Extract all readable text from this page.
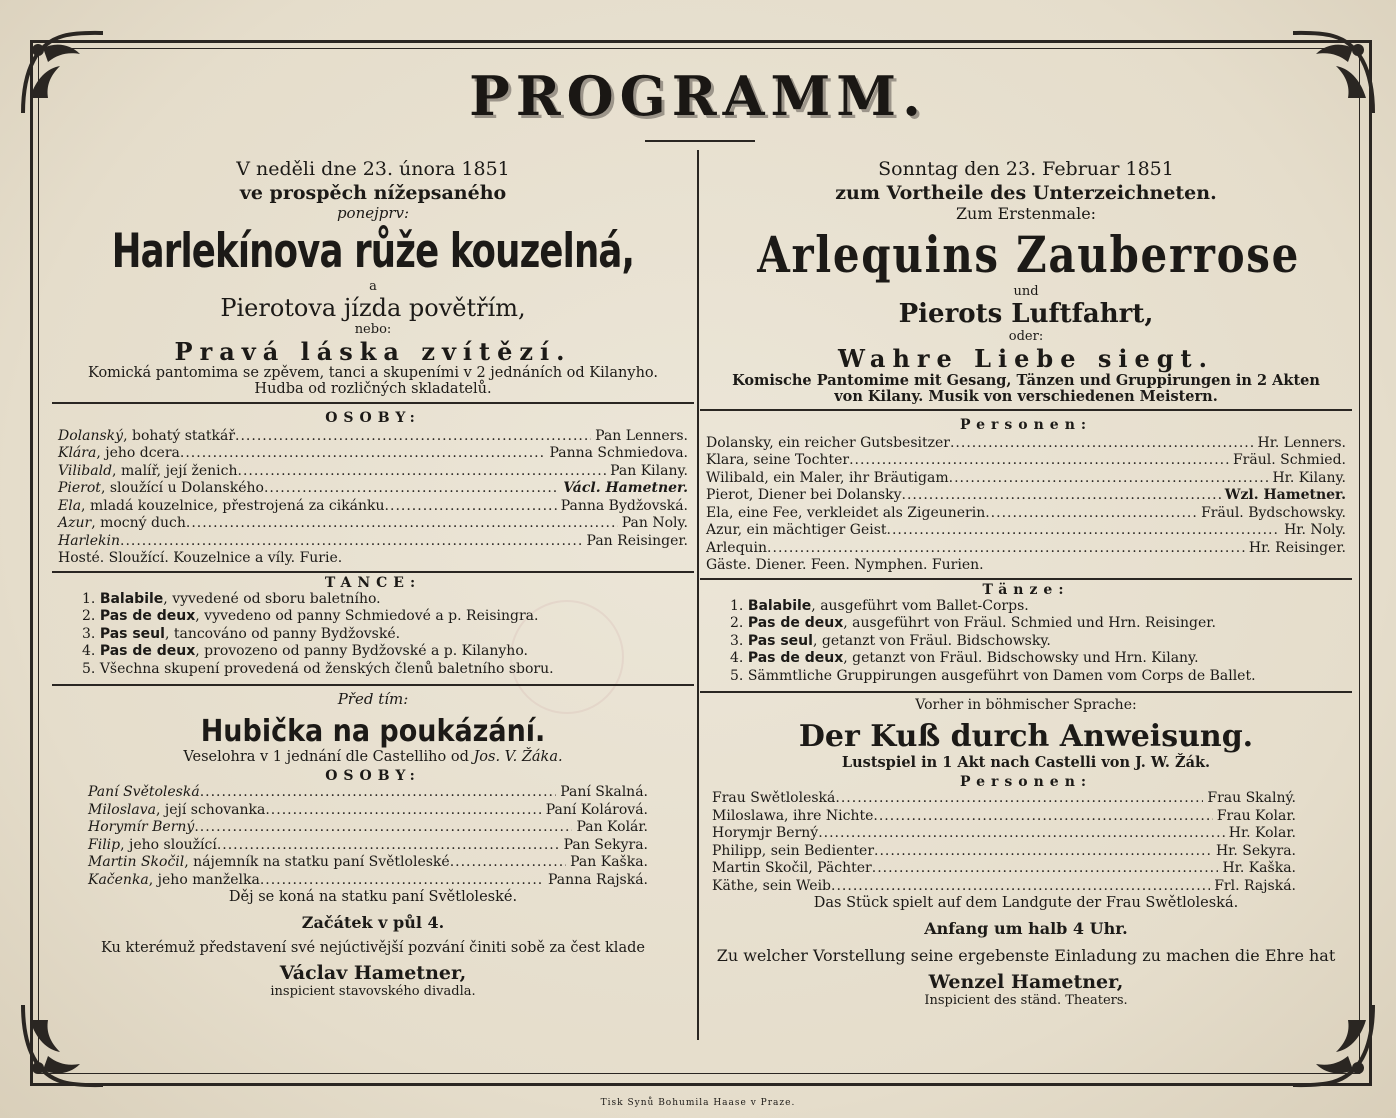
PROGRAMM.
V neděli dne 23. února 1851
ve prospěch nížepsaného
ponejprv:
Harlekínova růže kouzelná,
a
Pierotova jízda povětřím,
nebo:
Pravá láska zvítězí.
Komická pantomima se zpěvem, tanci a skupeními v 2 jednáních od Kilanyho.
Hudba od rozličných skladatelů.
OSOBY:
Dolanský, bohatý statkář .....	Pan Lenners.
Klára, jeho dcera .....	Panna Schmiedova.
Vilibald, malíř, její ženich .....	Pan Kilany.
Pierot, sloužící u Dolanského .....	Václ. Hametner.
Ela, mladá kouzelnice, přestrojená za cikánku .....	Panna Bydžovská.
Azur, mocný duch .....	Pan Noly.
Harlekin .....	Pan Reisinger.
Hosté. Sloužící. Kouzelnice a víly. Furie.
TANCE:
1. Balabile, vyvedené od sboru baletního.
2. Pas de deux, vyvedeno od panny Schmiedové a p. Reisingra.
3. Pas seul, tancováno od panny Bydžovské.
4. Pas de deux, provozeno od panny Bydžovské a p. Kilanyho.
5. Všechna skupení provedená od ženských členů baletního sboru.
Před tím:
Hubička na poukázání.
Veselohra v 1 jednání dle Castelliho od Jos. V. Žáka.
OSOBY:
Paní Světoleská .....	Paní Skalná.
Miloslava, její schovanka .....	Paní Kolárová.
Horymír Berný .....	Pan Kolár.
Filip, jeho sloužící .....	Pan Sekyra.
Martin Skočil, nájemník na statku paní Světloleské .....	Pan Kaška.
Kačenka, jeho manželka .....	Panna Rajská.
Děj se koná na statku paní Světloleské.
Začátek v půl 4.
Ku kterémuž představení své nejúctivější pozvání činiti sobě za čest klade
Václav Hametner,
inspicient stavovského divadla.
Sonntag den 23. Februar 1851
zum Vortheile des Unterzeichneten.
Zum Erstenmale:
Arlequins Zauberrose
und
Pierots Luftfahrt,
oder:
Wahre Liebe siegt.
Komische Pantomime mit Gesang, Tänzen und Gruppirungen in 2 Akten
von Kilany. Musik von verschiedenen Meistern.
Personen:
Dolansky, ein reicher Gutsbesitzer .....	Hr. Lenners.
Klara, seine Tochter .....	Fräul. Schmied.
Wilibald, ein Maler, ihr Bräutigam .....	Hr. Kilany.
Pierot, Diener bei Dolansky .....	Wzl. Hametner.
Ela, eine Fee, verkleidet als Zigeunerin .....	Fräul. Bydschowsky.
Azur, ein mächtiger Geist .....	Hr. Noly.
Arlequin .....	Hr. Reisinger.
Gäste. Diener. Feen. Nymphen. Furien.
Tänze:
1. Balabile, ausgeführt vom Ballet-Corps.
2. Pas de deux, ausgeführt von Fräul. Schmied und Hrn. Reisinger.
3. Pas seul, getanzt von Fräul. Bidschowsky.
4. Pas de deux, getanzt von Fräul. Bidschowsky und Hrn. Kilany.
5. Sämmtliche Gruppirungen ausgeführt von Damen vom Corps de Ballet.
Vorher in böhmischer Sprache:
Der Kuß durch Anweisung.
Lustspiel in 1 Akt nach Castelli von J. W. Žák.
Personen:
Frau Swětloleská .....	Frau Skalný.
Miloslawa, ihre Nichte .....	Frau Kolar.
Horymjr Berný .....	Hr. Kolar.
Philipp, sein Bedienter .....	Hr. Sekyra.
Martin Skočil, Pächter .....	Hr. Kaška.
Käthe, sein Weib .....	Frl. Rajská.
Das Stück spielt auf dem Landgute der Frau Swětloleská.
Anfang um halb 4 Uhr.
Zu welcher Vorstellung seine ergebenste Einladung zu machen die Ehre hat
Wenzel Hametner,
Inspicient des ständ. Theaters.
Tisk Synů Bohumila Haase v Praze.
